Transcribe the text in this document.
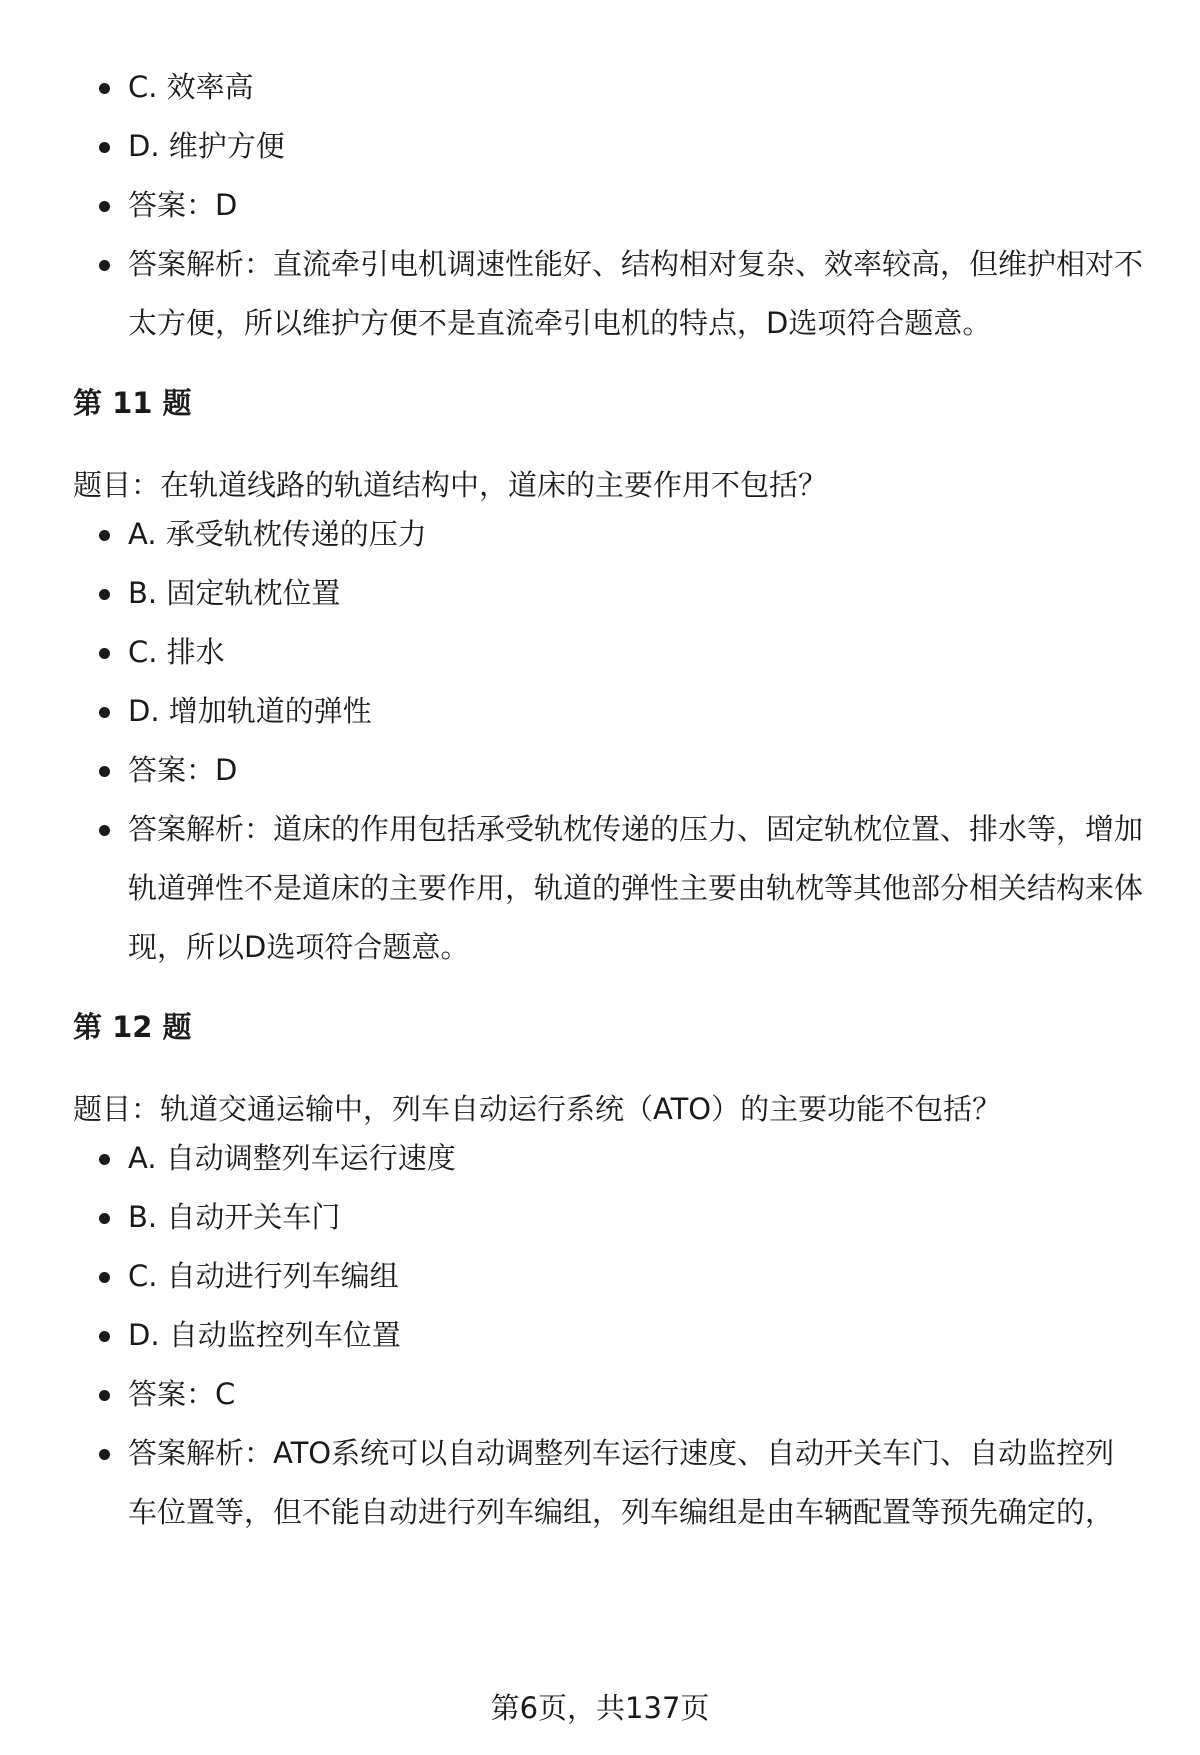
C. 效率高
D. 维护方便
答案：D
答案解析：直流牵引电机调速性能好、结构相对复杂、效率较高，但维护相对不太方便，所以维护方便不是直流牵引电机的特点，D选项符合题意。
第 11 题
题目：在轨道线路的轨道结构中，道床的主要作用不包括？
A. 承受轨枕传递的压力
B. 固定轨枕位置
C. 排水
D. 增加轨道的弹性
答案：D
答案解析：道床的作用包括承受轨枕传递的压力、固定轨枕位置、排水等，增加轨道弹性不是道床的主要作用，轨道的弹性主要由轨枕等其他部分相关结构来体现，所以D选项符合题意。
第 12 题
题目：轨道交通运输中，列车自动运行系统（ATO）的主要功能不包括？
A. 自动调整列车运行速度
B. 自动开关车门
C. 自动进行列车编组
D. 自动监控列车位置
答案：C
答案解析：ATO系统可以自动调整列车运行速度、自动开关车门、自动监控列车位置等，但不能自动进行列车编组，列车编组是由车辆配置等预先确定的，
第6页，共137页
